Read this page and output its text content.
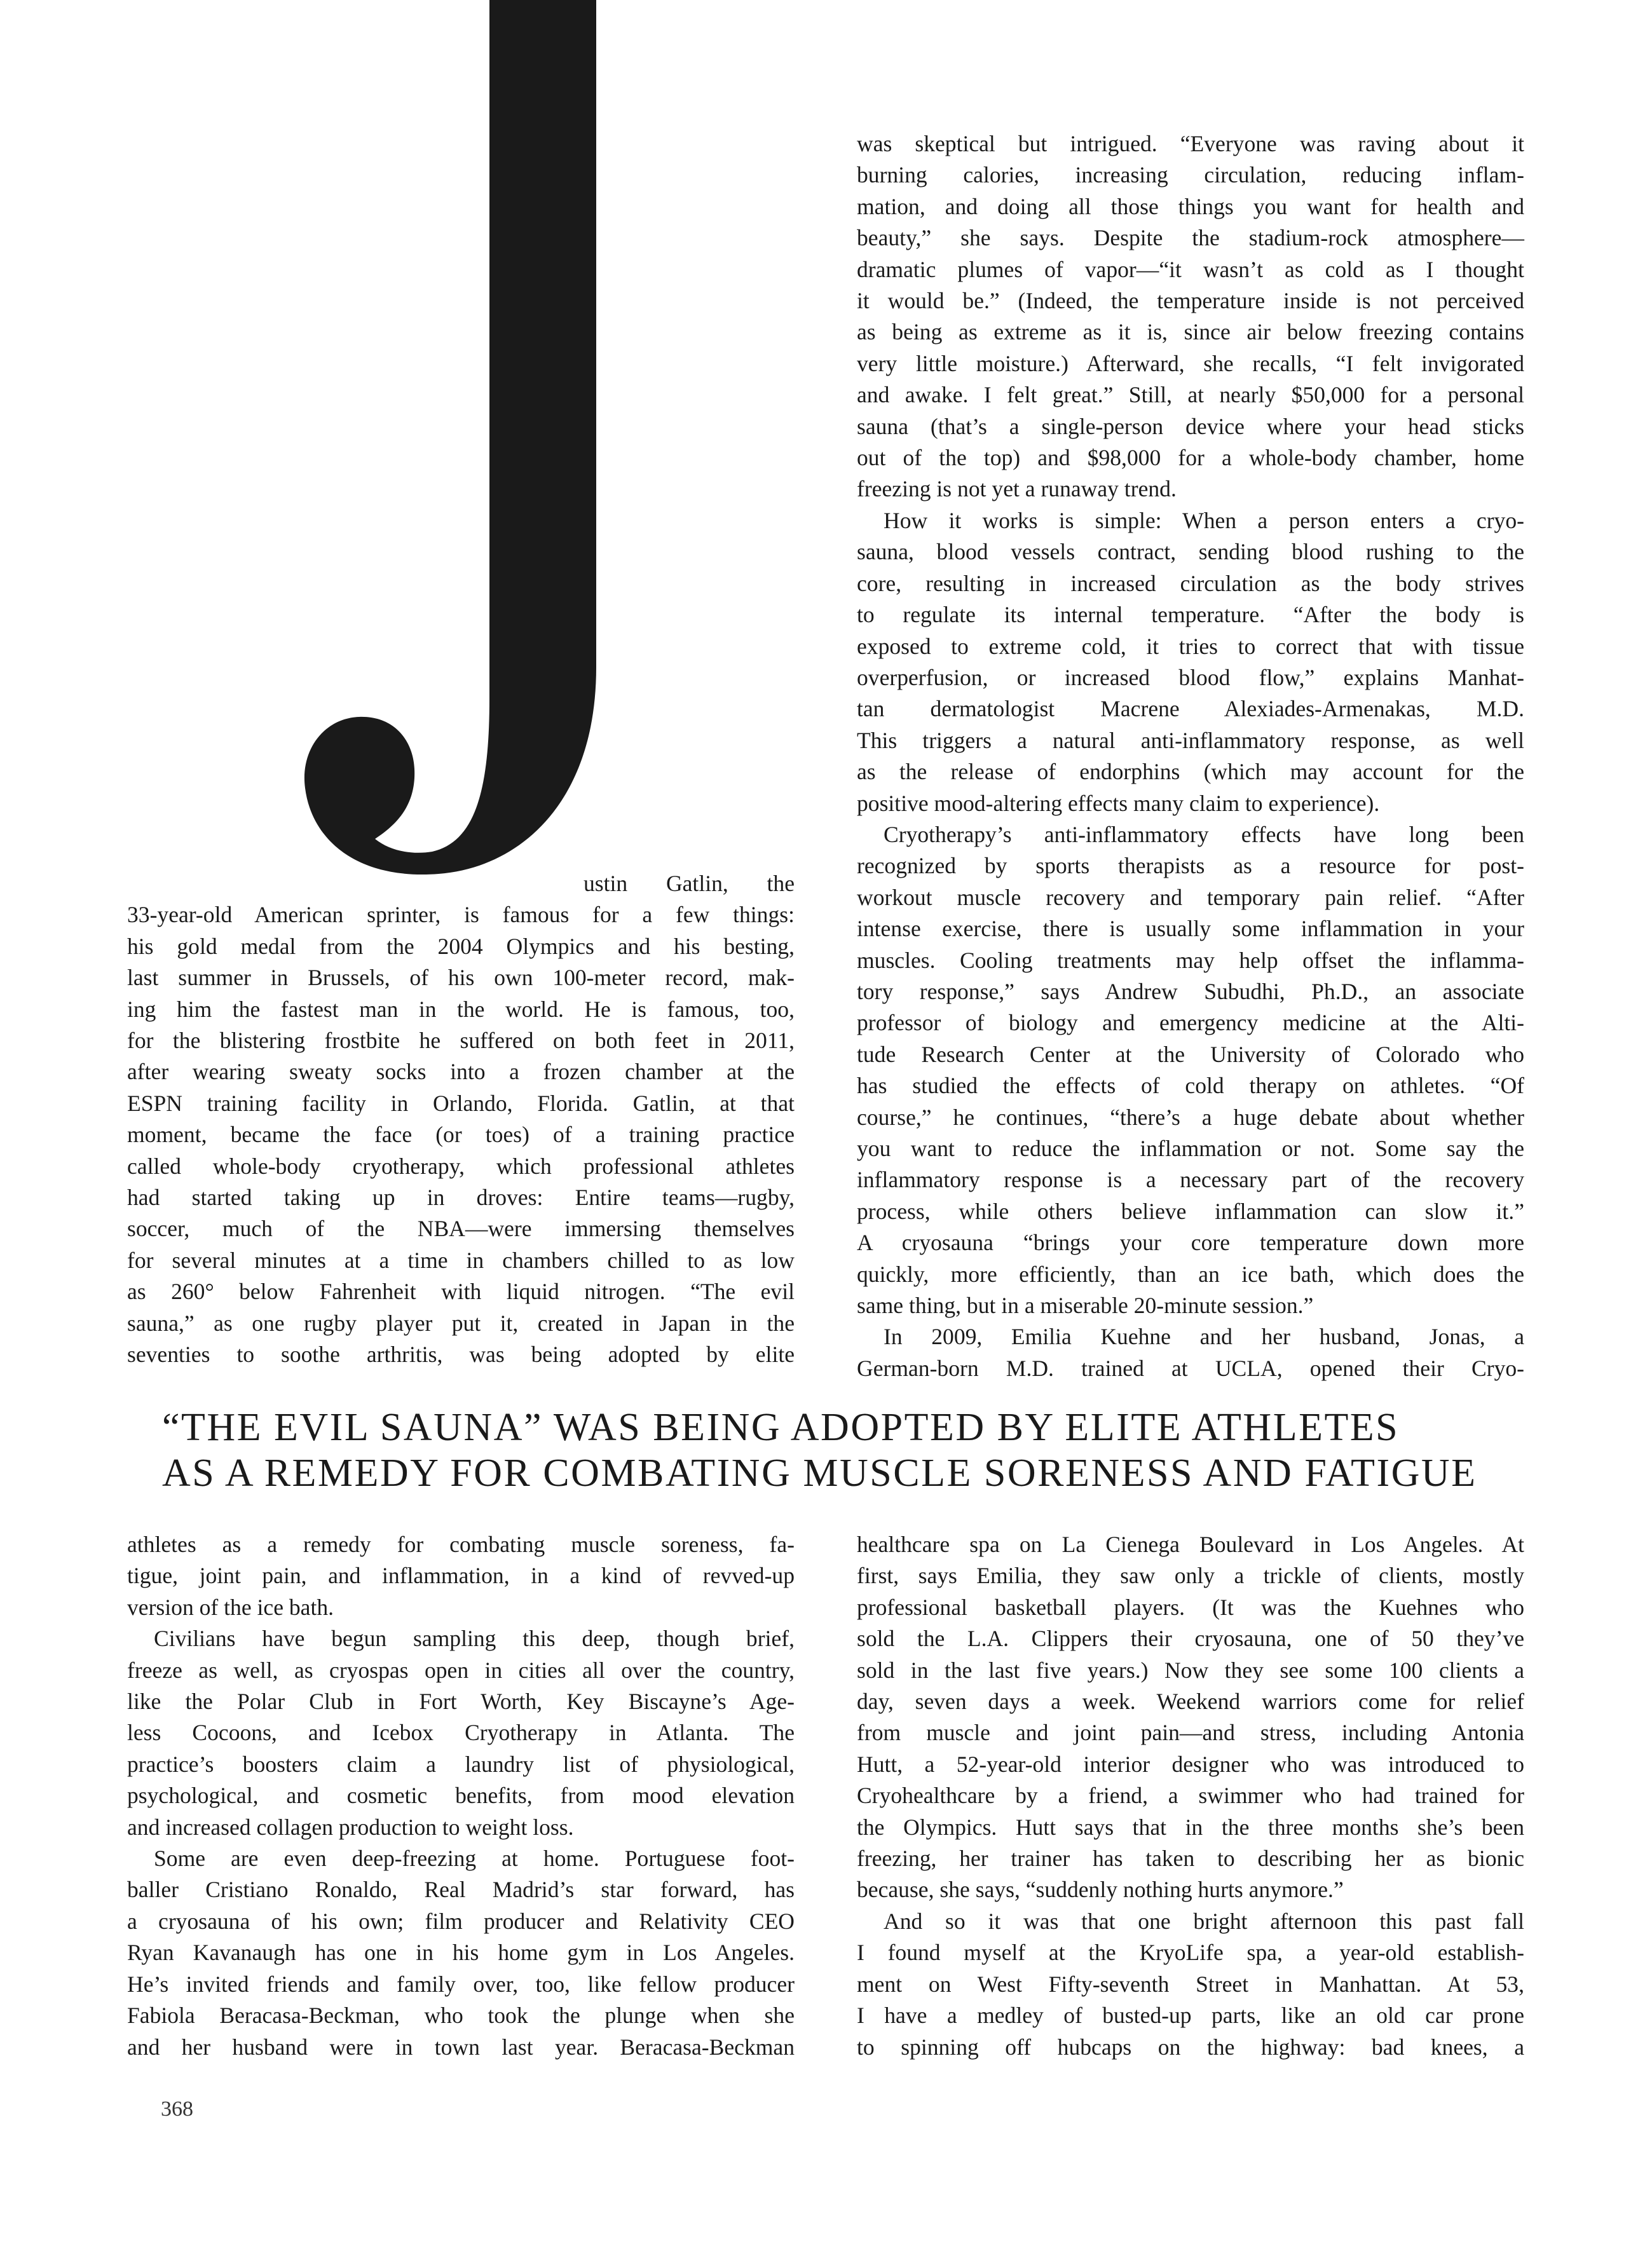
ustin Gatlin, the
33-year-old American sprinter, is famous for a few things:
his gold medal from the 2004 Olympics and his besting,
last summer in Brussels, of his own 100-meter record, mak-
ing him the fastest man in the world. He is famous, too,
for the blistering frostbite he suffered on both feet in 2011,
after wearing sweaty socks into a frozen chamber at the
ESPN training facility in Orlando, Florida. Gatlin, at that
moment, became the face (or toes) of a training practice
called whole-body cryotherapy, which professional athletes
had started taking up in droves: Entire teams—rugby,
soccer, much of the NBA—were immersing themselves
for several minutes at a time in chambers chilled to as low
as 260° below Fahrenheit with liquid nitrogen. “The evil
sauna,” as one rugby player put it, created in Japan in the
seventies to soothe arthritis, was being adopted by elite
was skeptical but intrigued. “Everyone was raving about it
burning calories, increasing circulation, reducing inflam-
mation, and doing all those things you want for health and
beauty,” she says. Despite the stadium-rock atmosphere—
dramatic plumes of vapor—“it wasn’t as cold as I thought
it would be.” (Indeed, the temperature inside is not perceived
as being as extreme as it is, since air below freezing contains
very little moisture.) Afterward, she recalls, “I felt invigorated
and awake. I felt great.” Still, at nearly $50,000 for a personal
sauna (that’s a single-person device where your head sticks
out of the top) and $98,000 for a whole-body chamber, home
freezing is not yet a runaway trend.
How it works is simple: When a person enters a cryo-
sauna, blood vessels contract, sending blood rushing to the
core, resulting in increased circulation as the body strives
to regulate its internal temperature. “After the body is
exposed to extreme cold, it tries to correct that with tissue
overperfusion, or increased blood flow,” explains Manhat-
tan dermatologist Macrene Alexiades-Armenakas, M.D.
This triggers a natural anti-inflammatory response, as well
as the release of endorphins (which may account for the
positive mood-altering effects many claim to experience).
Cryotherapy’s anti-inflammatory effects have long been
recognized by sports therapists as a resource for post-
workout muscle recovery and temporary pain relief. “After
intense exercise, there is usually some inflammation in your
muscles. Cooling treatments may help offset the inflamma-
tory response,” says Andrew Subudhi, Ph.D., an associate
professor of biology and emergency medicine at the Alti-
tude Research Center at the University of Colorado who
has studied the effects of cold therapy on athletes. “Of
course,” he continues, “there’s a huge debate about whether
you want to reduce the inflammation or not. Some say the
inflammatory response is a necessary part of the recovery
process, while others believe inflammation can slow it.”
A cryosauna “brings your core temperature down more
quickly, more efficiently, than an ice bath, which does the
same thing, but in a miserable 20-minute session.”
In 2009, Emilia Kuehne and her husband, Jonas, a
German-born M.D. trained at UCLA, opened their Cryo-
“THE EVIL SAUNA” WAS BEING ADOPTED BY ELITE ATHLETES
AS A REMEDY FOR COMBATING MUSCLE SORENESS AND FATIGUE
athletes as a remedy for combating muscle soreness, fa-
tigue, joint pain, and inflammation, in a kind of revved-up
version of the ice bath.
Civilians have begun sampling this deep, though brief,
freeze as well, as cryospas open in cities all over the country,
like the Polar Club in Fort Worth, Key Biscayne’s Age-
less Cocoons, and Icebox Cryotherapy in Atlanta. The
practice’s boosters claim a laundry list of physiological,
psychological, and cosmetic benefits, from mood elevation
and increased collagen production to weight loss.
Some are even deep-freezing at home. Portuguese foot-
baller Cristiano Ronaldo, Real Madrid’s star forward, has
a cryosauna of his own; film producer and Relativity CEO
Ryan Kavanaugh has one in his home gym in Los Angeles.
He’s invited friends and family over, too, like fellow producer
Fabiola Beracasa-Beckman, who took the plunge when she
and her husband were in town last year. Beracasa-Beckman
healthcare spa on La Cienega Boulevard in Los Angeles. At
first, says Emilia, they saw only a trickle of clients, mostly
professional basketball players. (It was the Kuehnes who
sold the L.A. Clippers their cryosauna, one of 50 they’ve
sold in the last five years.) Now they see some 100 clients a
day, seven days a week. Weekend warriors come for relief
from muscle and joint pain—and stress, including Antonia
Hutt, a 52-year-old interior designer who was introduced to
Cryohealthcare by a friend, a swimmer who had trained for
the Olympics. Hutt says that in the three months she’s been
freezing, her trainer has taken to describing her as bionic
because, she says, “suddenly nothing hurts anymore.”
And so it was that one bright afternoon this past fall
I found myself at the KryoLife spa, a year-old establish-
ment on West Fifty-seventh Street in Manhattan. At 53,
I have a medley of busted-up parts, like an old car prone
to spinning off hubcaps on the highway: bad knees, a
368
